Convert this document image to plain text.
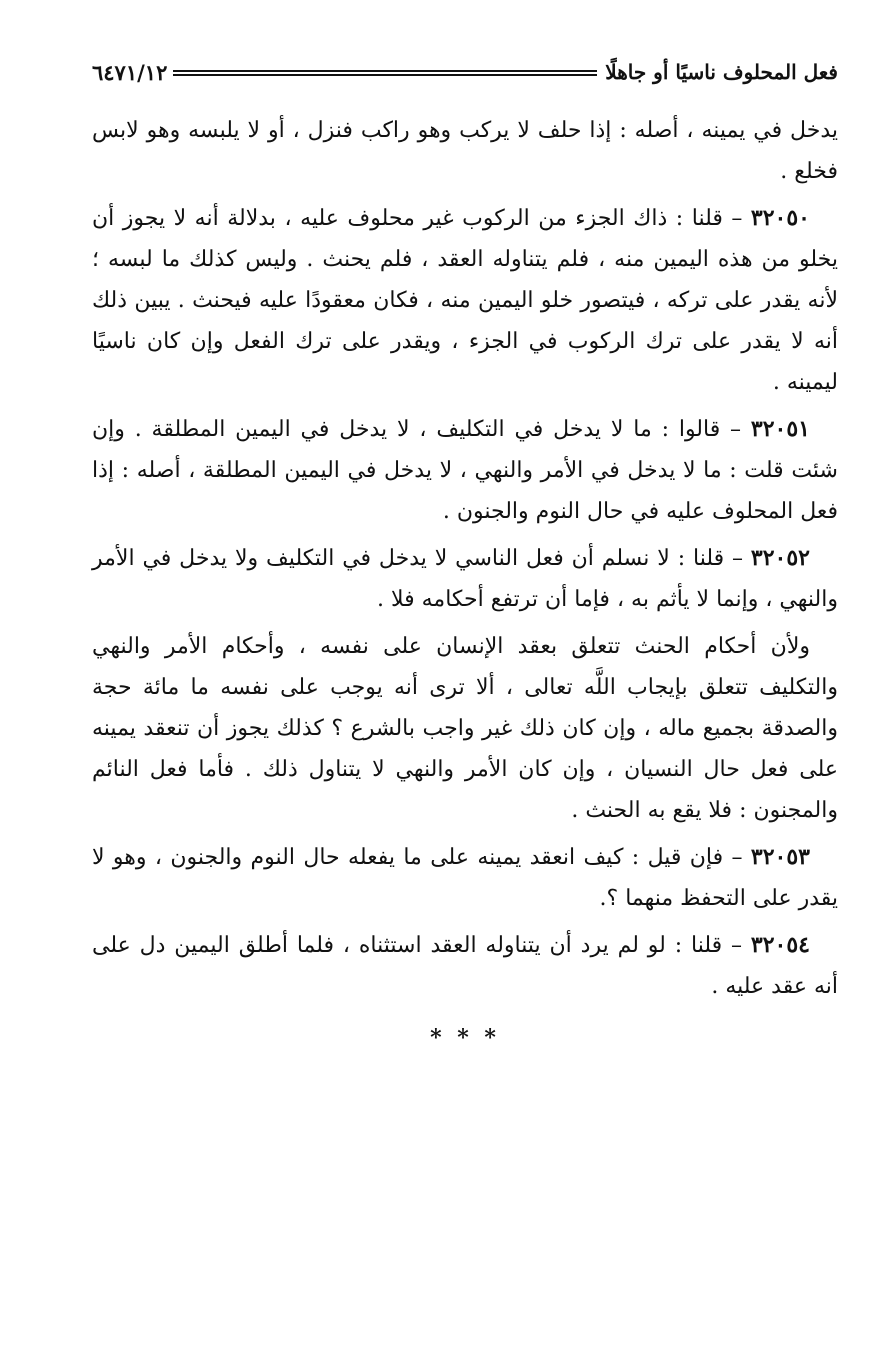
فعل المحلوف ناسيًا أو جاهلًا
٦٤٧١/١٢

يدخل في يمينه ، أصله : إذا حلف لا يركب وهو راكب فنزل ، أو لا يلبسه وهو لابس فخلع .

٣٢٠٥٠ – قلنا : ذاك الجزء من الركوب غير محلوف عليه ، بدلالة أنه لا يجوز أن يخلو من هذه اليمين منه ، فلم يتناوله العقد ، فلم يحنث . وليس كذلك ما لبسه ؛ لأنه يقدر على تركه ، فيتصور خلو اليمين منه ، فكان معقودًا عليه فيحنث . يبين ذلك أنه لا يقدر على ترك الركوب في الجزء ، ويقدر على ترك الفعل وإن كان ناسيًا ليمينه .

٣٢٠٥١ – قالوا : ما لا يدخل في التكليف ، لا يدخل في اليمين المطلقة . وإن شئت قلت : ما لا يدخل في الأمر والنهي ، لا يدخل في اليمين المطلقة ، أصله : إذا فعل المحلوف عليه في حال النوم والجنون .

٣٢٠٥٢ – قلنا : لا نسلم أن فعل الناسي لا يدخل في التكليف ولا يدخل في الأمر والنهي ، وإنما لا يأثم به ، فإما أن ترتفع أحكامه فلا .

ولأن أحكام الحنث تتعلق بعقد الإنسان على نفسه ، وأحكام الأمر والنهي والتكليف تتعلق بإيجاب اللَّه تعالى ، ألا ترى أنه يوجب على نفسه ما مائة حجة والصدقة بجميع ماله ، وإن كان ذلك غير واجب بالشرع ؟ كذلك يجوز أن تنعقد يمينه على فعل حال النسيان ، وإن كان الأمر والنهي لا يتناول ذلك . فأما فعل النائم والمجنون : فلا يقع به الحنث .

٣٢٠٥٣ – فإن قيل : كيف انعقد يمينه على ما يفعله حال النوم والجنون ، وهو لا يقدر على التحفظ منهما ؟.

٣٢٠٥٤ – قلنا : لو لم يرد أن يتناوله العقد استثناه ، فلما أطلق اليمين دل على أنه عقد عليه .

* * *
